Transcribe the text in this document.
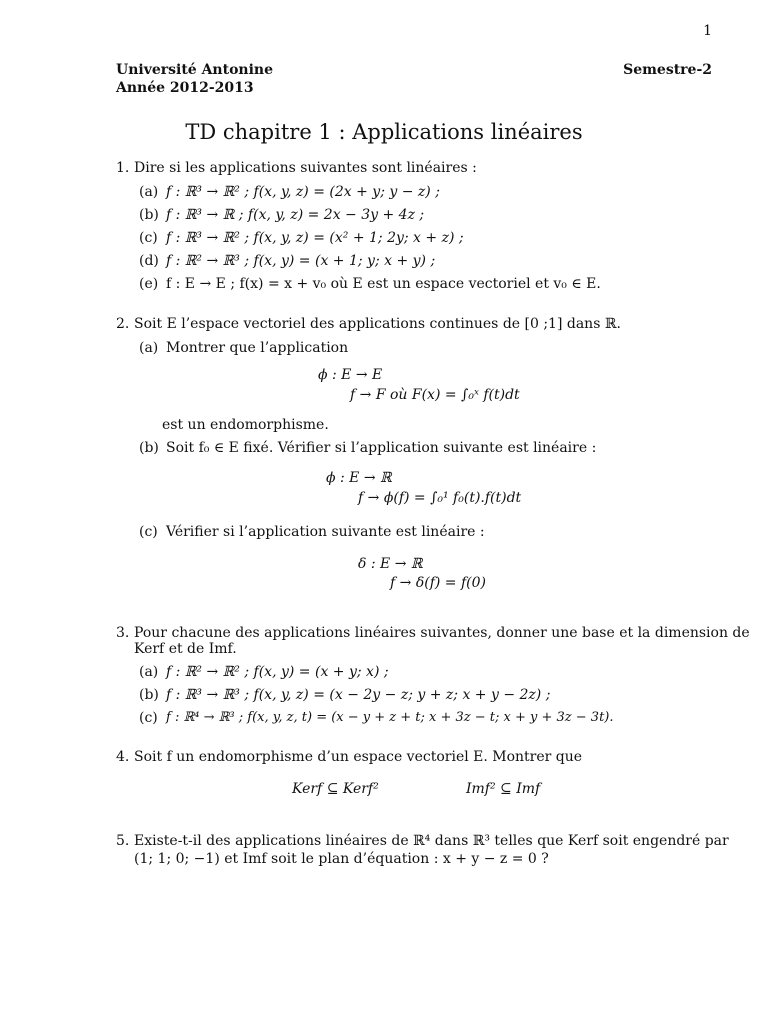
1
Université Antonine
Année 2012-2013
Semestre-2
TD chapitre 1 : Applications linéaires
1. Dire si les applications suivantes sont linéaires :
(a) f : ℝ³ → ℝ² ; f(x, y, z) = (2x + y; y − z) ;
(b) f : ℝ³ → ℝ ; f(x, y, z) = 2x − 3y + 4z ;
(c) f : ℝ³ → ℝ² ; f(x, y, z) = (x² + 1; 2y; x + z) ;
(d) f : ℝ² → ℝ³ ; f(x, y) = (x + 1; y; x + y) ;
(e) f : E → E ; f(x) = x + v₀ où E est un espace vectoriel et v₀ ∈ E.
2. Soit E l’espace vectoriel des applications continues de [0 ;1] dans ℝ.
(a) Montrer que l’application
ϕ : E → E
f → F où F(x) = ∫₀ˣ f(t)dt
est un endomorphisme.
(b) Soit f₀ ∈ E fixé. Vérifier si l’application suivante est linéaire :
ϕ : E → ℝ
f → ϕ(f) = ∫₀¹ f₀(t).f(t)dt
(c) Vérifier si l’application suivante est linéaire :
δ : E → ℝ
f → δ(f) = f(0)
3. Pour chacune des applications linéaires suivantes, donner une base et la dimension de
Kerf et de Imf.
(a) f : ℝ² → ℝ² ; f(x, y) = (x + y; x) ;
(b) f : ℝ³ → ℝ³ ; f(x, y, z) = (x − 2y − z; y + z; x + y − 2z) ;
(c) f : ℝ⁴ → ℝ³ ; f(x, y, z, t) = (x − y + z + t; x + 3z − t; x + y + 3z − 3t).
4. Soit f un endomorphisme d’un espace vectoriel E. Montrer que
Kerf ⊆ Kerf²	Imf² ⊆ Imf
5. Existe-t-il des applications linéaires de ℝ⁴ dans ℝ³ telles que Kerf soit engendré par
(1; 1; 0; −1) et Imf soit le plan d’équation : x + y − z = 0 ?
